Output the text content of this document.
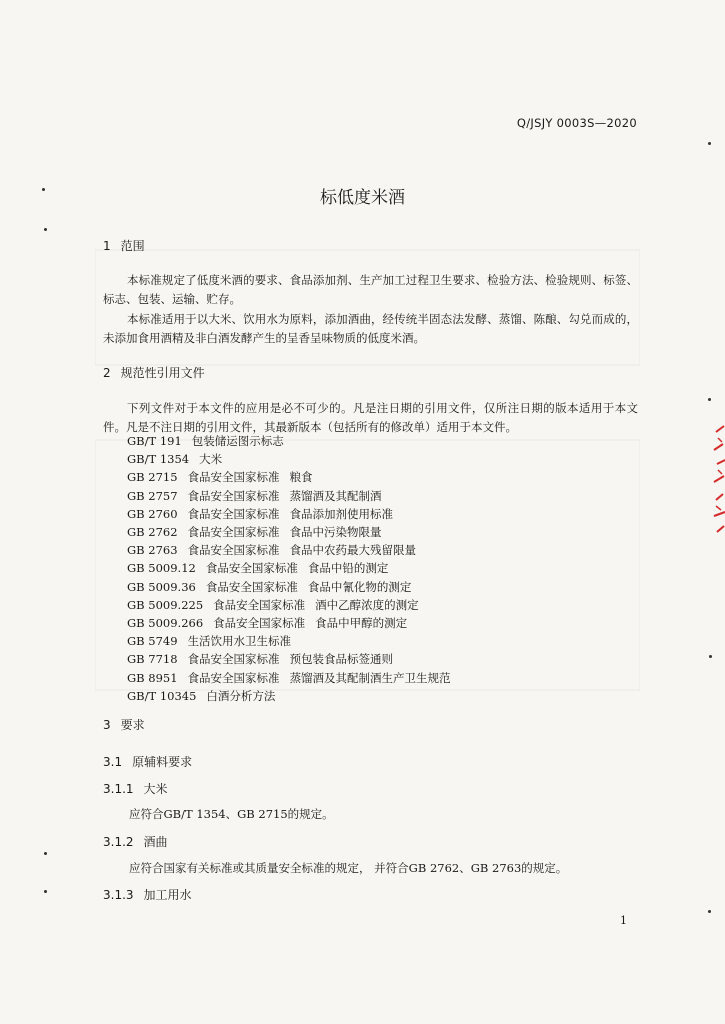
Q/JSJY 0003S—2020
标低度米酒
1 范围
本标准规定了低度米酒的要求、食品添加剂、生产加工过程卫生要求、检验方法、检验规则、标签、标志、包装、运输、贮存。
本标准适用于以大米、饮用水为原料，添加酒曲，经传统半固态法发酵、蒸馏、陈酿、勾兑而成的，未添加食用酒精及非白酒发酵产生的呈香呈味物质的低度米酒。
2 规范性引用文件
下列文件对于本文件的应用是必不可少的。凡是注日期的引用文件，仅所注日期的版本适用于本文件。凡是不注日期的引用文件，其最新版本（包括所有的修改单）适用于本文件。
GB/T 191 包装储运图示标志
GB/T 1354 大米
GB 2715 食品安全国家标准 粮食
GB 2757 食品安全国家标准 蒸馏酒及其配制酒
GB 2760 食品安全国家标准 食品添加剂使用标准
GB 2762 食品安全国家标准 食品中污染物限量
GB 2763 食品安全国家标准 食品中农药最大残留限量
GB 5009.12 食品安全国家标准 食品中铅的测定
GB 5009.36 食品安全国家标准 食品中氰化物的测定
GB 5009.225 食品安全国家标准 酒中乙醇浓度的测定
GB 5009.266 食品安全国家标准 食品中甲醇的测定
GB 5749 生活饮用水卫生标准
GB 7718 食品安全国家标准 预包装食品标签通则
GB 8951 食品安全国家标准 蒸馏酒及其配制酒生产卫生规范
GB/T 10345 白酒分析方法
3 要求
3.1 原辅料要求
3.1.1 大米
应符合GB/T 1354、GB 2715的规定。
3.1.2 酒曲
应符合国家有关标准或其质量安全标准的规定， 并符合GB 2762、GB 2763的规定。
3.1.3 加工用水
1
